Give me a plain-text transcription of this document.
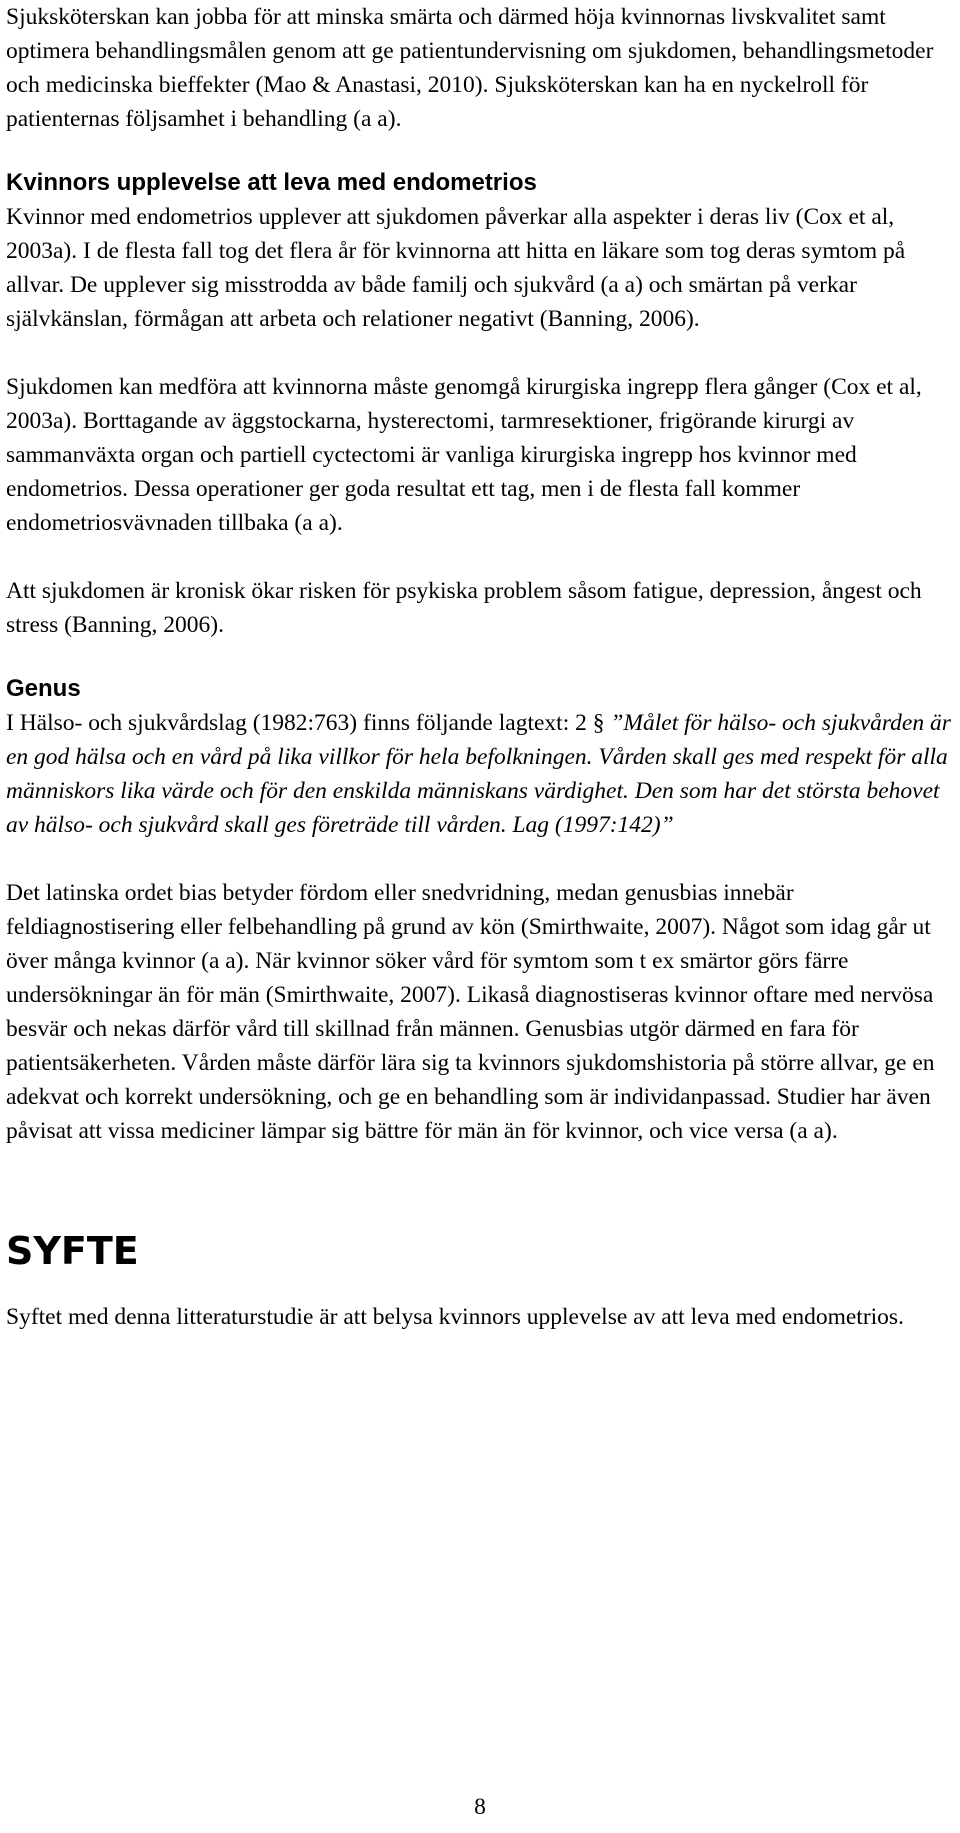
Sjuksköterskan kan jobba för att minska smärta och därmed höja kvinnornas livskvalitet samt optimera behandlingsmålen genom att ge patientundervisning om sjukdomen, behandlingsmetoder och medicinska bieffekter (Mao & Anastasi, 2010). Sjuksköterskan kan ha en nyckelroll för patienternas följsamhet i behandling (a a).

Kvinnors upplevelse att leva med endometrios

Kvinnor med endometrios upplever att sjukdomen påverkar alla aspekter i deras liv (Cox et al, 2003a). I de flesta fall tog det flera år för kvinnorna att hitta en läkare som tog deras symtom på allvar. De upplever sig misstrodda av både familj och sjukvård (a a) och smärtan på verkar självkänslan, förmågan att arbeta och relationer negativt (Banning, 2006).

Sjukdomen kan medföra att kvinnorna måste genomgå kirurgiska ingrepp flera gånger (Cox et al, 2003a). Borttagande av äggstockarna, hysterectomi, tarmresektioner, frigörande kirurgi av sammanväxta organ och partiell cyctectomi är vanliga kirurgiska ingrepp hos kvinnor med endometrios. Dessa operationer ger goda resultat ett tag, men i de flesta fall kommer endometriosvävnaden tillbaka (a a).

Att sjukdomen är kronisk ökar risken för psykiska problem såsom fatigue, depression, ångest och stress (Banning, 2006).

Genus

I Hälso- och sjukvårdslag (1982:763) finns följande lagtext: 2 § ”Målet för hälso- och sjukvården är en god hälsa och en vård på lika villkor för hela befolkningen. Vården skall ges med respekt för alla människors lika värde och för den enskilda människans värdighet. Den som har det största behovet av hälso- och sjukvård skall ges företräde till vården. Lag (1997:142)”

Det latinska ordet bias betyder fördom eller snedvridning, medan genusbias innebär feldiagnostisering eller felbehandling på grund av kön (Smirthwaite, 2007). Något som idag går ut över många kvinnor (a a). När kvinnor söker vård för symtom som t ex smärtor görs färre undersökningar än för män (Smirthwaite, 2007). Likaså diagnostiseras kvinnor oftare med nervösa besvär och nekas därför vård till skillnad från männen. Genusbias utgör därmed en fara för patientsäkerheten. Vården måste därför lära sig ta kvinnors sjukdomshistoria på större allvar, ge en adekvat och korrekt undersökning, och ge en behandling som är individanpassad. Studier har även påvisat att vissa mediciner lämpar sig bättre för män än för kvinnor, och vice versa (a a).

SYFTE

Syftet med denna litteraturstudie är att belysa kvinnors upplevelse av att leva med endometrios.

8
